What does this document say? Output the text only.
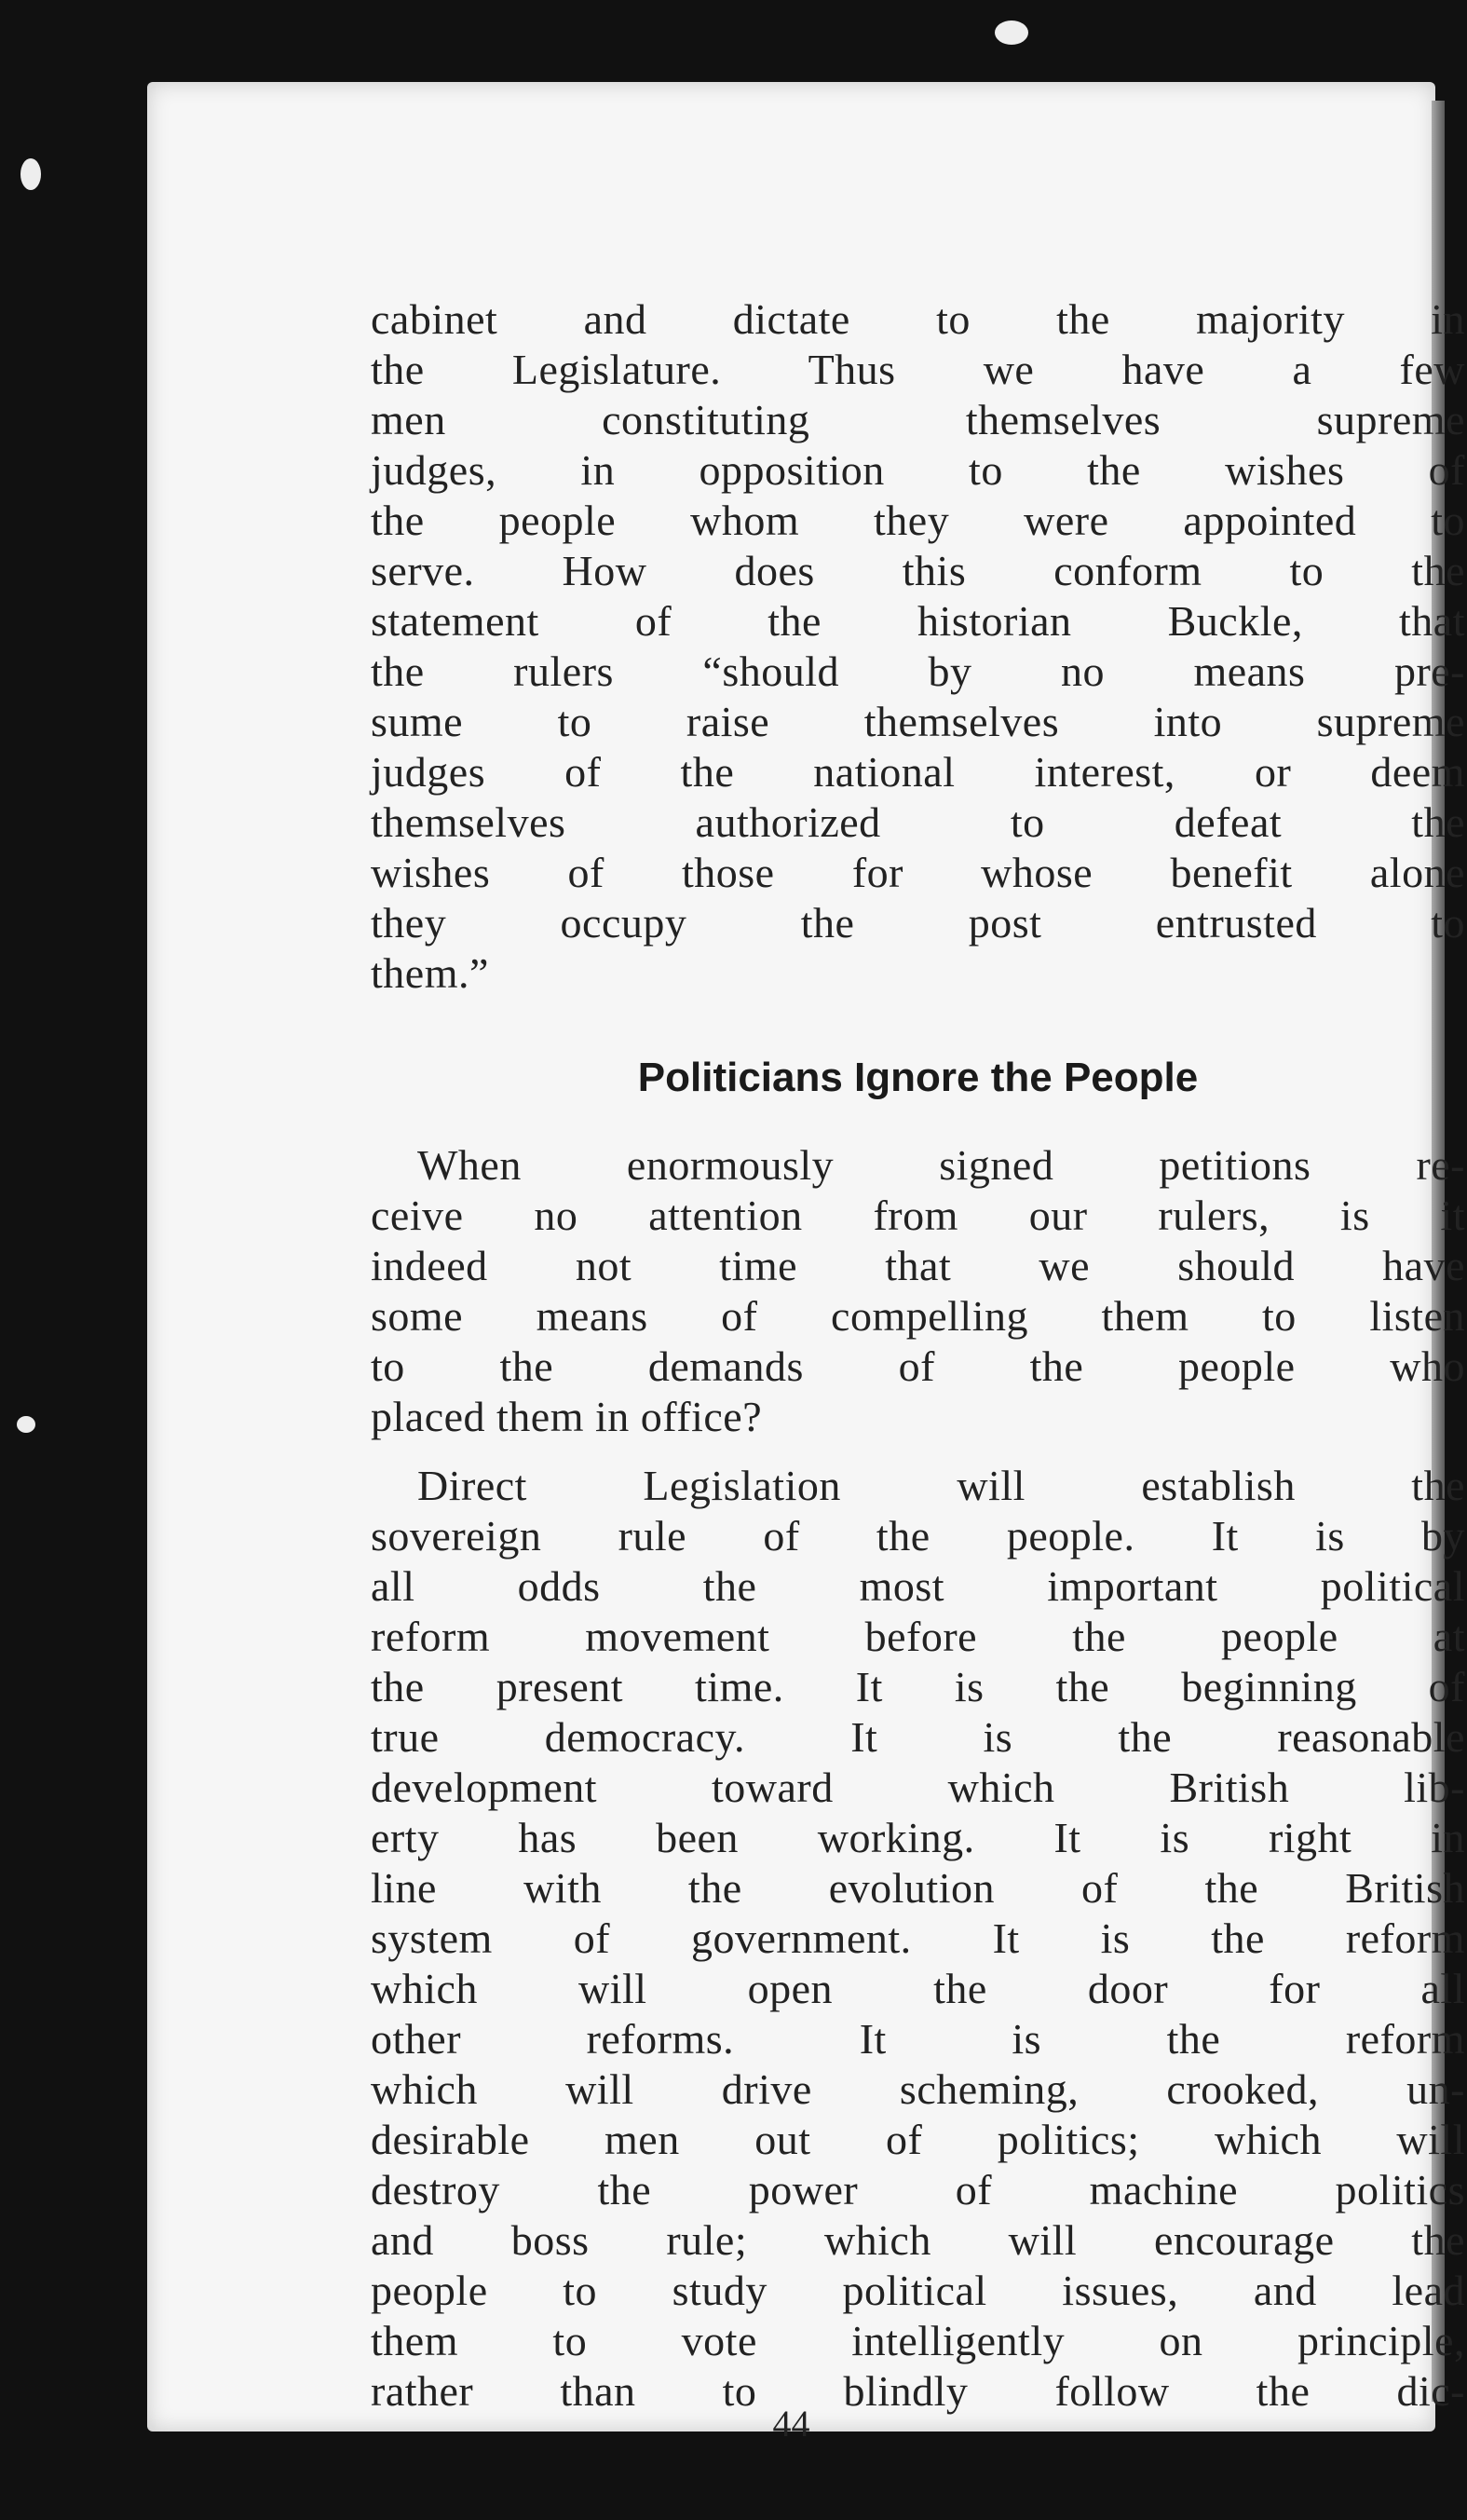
cabinet and dictate to the majority in
the Legislature. Thus we have a few
men constituting themselves supreme
judges, in opposition to the wishes of
the people whom they were appointed to
serve. How does this conform to the
statement of the historian Buckle, that
the rulers “should by no means pre-
sume to raise themselves into supreme
judges of the national interest, or deem
themselves authorized to defeat the
wishes of those for whose benefit alone
they occupy the post entrusted to
them.”
Politicians Ignore the People
When enormously signed petitions re-
ceive no attention from our rulers, is it
indeed not time that we should have
some means of compelling them to listen
to the demands of the people who
placed them in office?
Direct Legislation will establish the
sovereign rule of the people. It is by
all odds the most important political
reform movement before the people at
the present time. It is the beginning of
true democracy. It is the reasonable
development toward which British lib-
erty has been working. It is right in
line with the evolution of the British
system of government. It is the reform
which will open the door for all
other reforms. It is the reform
which will drive scheming, crooked, un-
desirable men out of politics; which will
destroy the power of machine politics
and boss rule; which will encourage the
people to study political issues, and lead
them to vote intelligently on principle,
rather than to blindly follow the dic-
44
